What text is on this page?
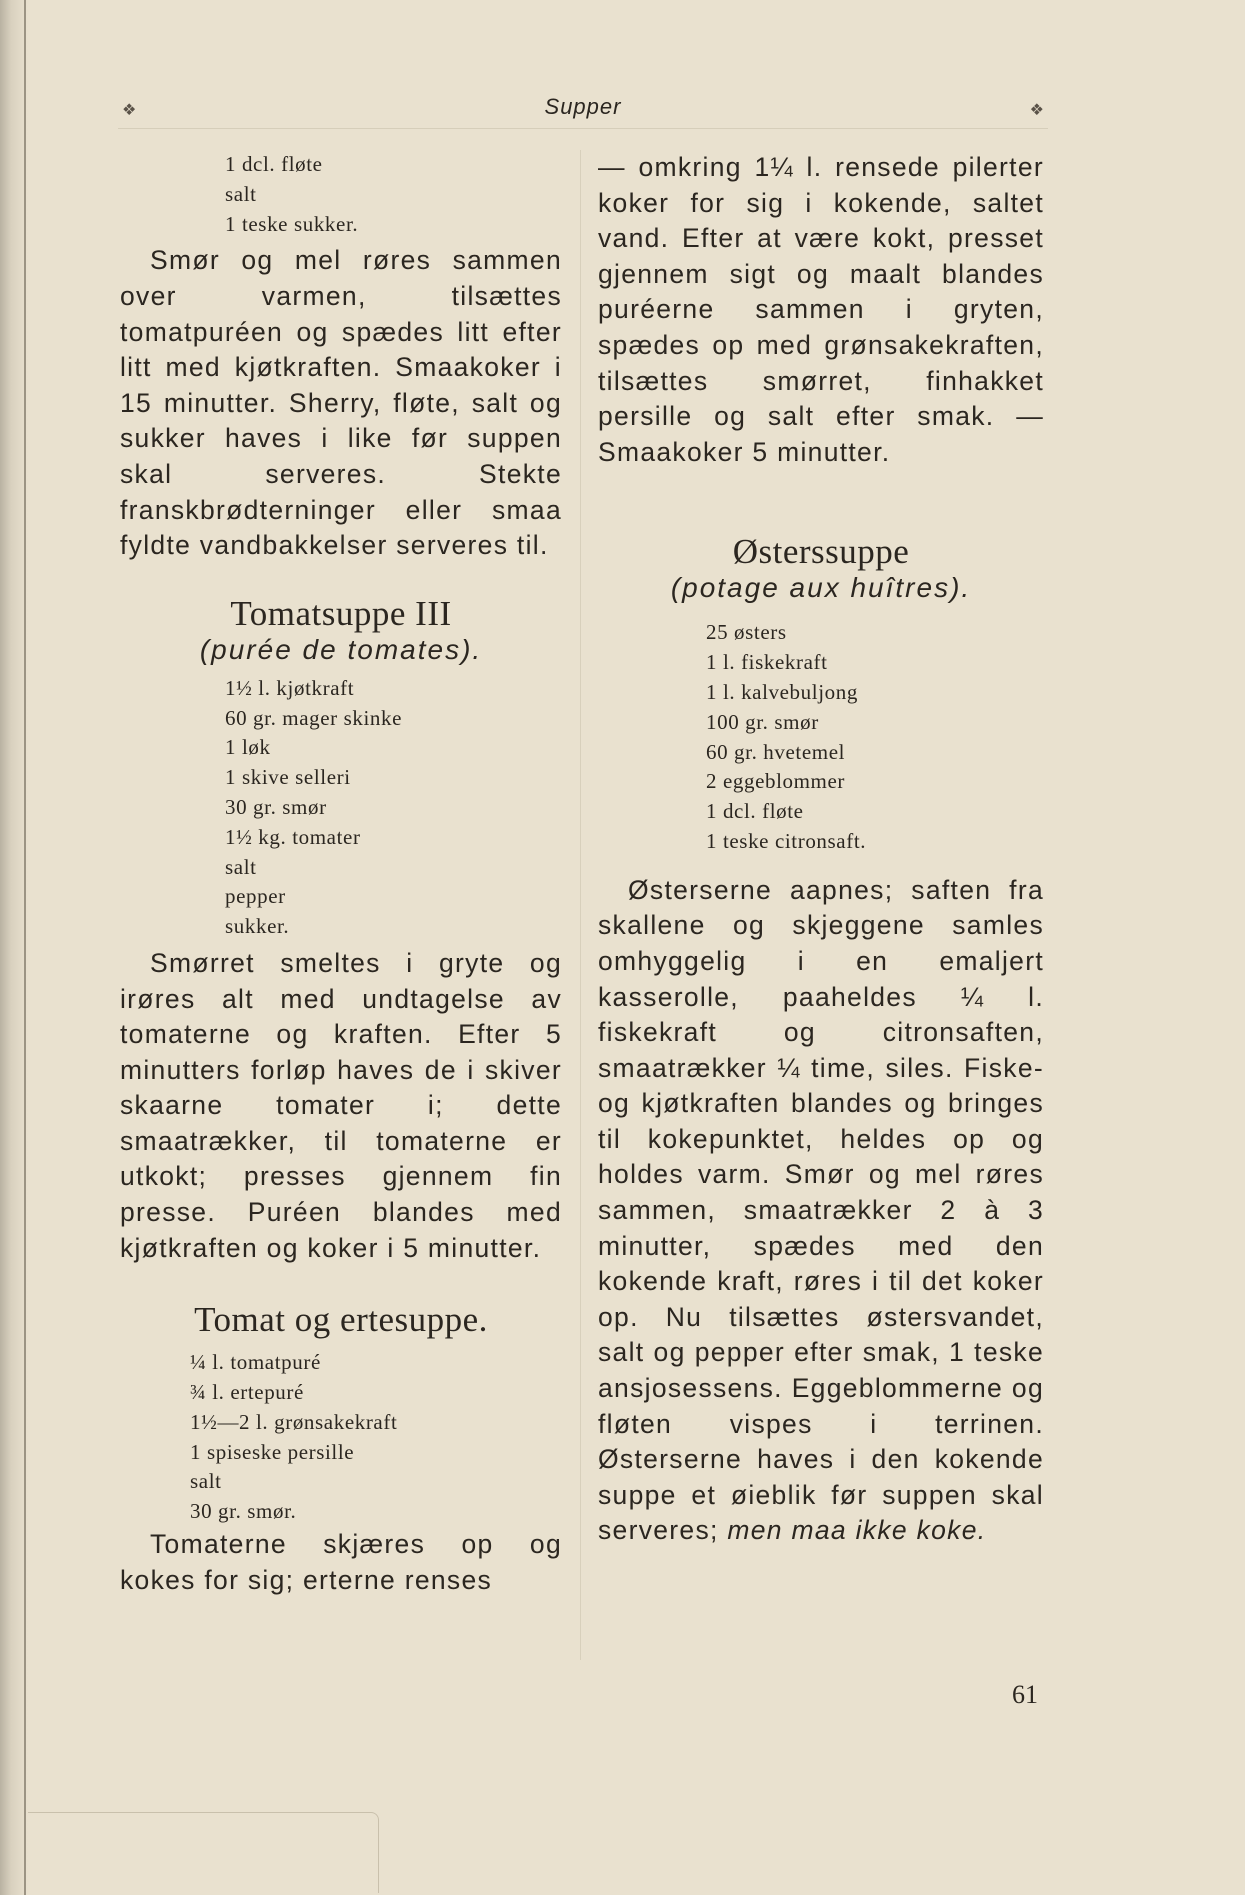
❖	Supper	❖
1 dcl. fløte
salt
1 teske sukker.

Smør og mel røres sammen over varmen, tilsættes tomatpuréen og spædes litt efter litt med kjøtkraften. Smaakoker i 15 minutter. Sherry, fløte, salt og sukker haves i like før suppen skal serveres. Stekte franskbrødterninger eller smaa fyldte vandbakkelser serveres til.

Tomatsuppe III

(purée de tomates).

1½ l. kjøtkraft
60 gr. mager skinke
1 løk
1 skive selleri
30 gr. smør
1½ kg. tomater
salt
pepper
sukker.

Smørret smeltes i gryte og irøres alt med undtagelse av tomaterne og kraften. Efter 5 minutters forløp haves de i skiver skaarne tomater i; dette smaatrækker, til tomaterne er utkokt; presses gjennem fin presse. Puréen blandes med kjøtkraften og koker i 5 minutter.

Tomat og ertesuppe.
¼ l. tomatpuré
¾ l. ertepuré
1½—2 l. grønsakekraft
1 spiseske persille
salt
30 gr. smør.

Tomaterne skjæres op og kokes for sig; erterne renses

— omkring 1¼ l. rensede pilerter koker for sig i kokende, saltet vand. Efter at være kokt, presset gjennem sigt og maalt blandes puréerne sammen i gryten, spædes op med grønsakekraften, tilsættes smørret, finhakket persille og salt efter smak. — Smaakoker 5 minutter.

Østerssuppe

(potage aux huîtres).

25 østers
1 l. fiskekraft
1 l. kalvebuljong
100 gr. smør
60 gr. hvetemel
2 eggeblommer
1 dcl. fløte
1 teske citronsaft.

Østerserne aapnes; saften fra skallene og skjeggene samles omhyggelig i en emaljert kasserolle, paaheldes ¼ l. fiskekraft og citronsaften, smaatrækker ¼ time, siles. Fiske- og kjøtkraften blandes og bringes til kokepunktet, heldes op og holdes varm. Smør og mel røres sammen, smaatrækker 2 à 3 minutter, spædes med den kokende kraft, røres i til det koker op. Nu tilsættes østersvandet, salt og pepper efter smak, 1 teske ansjosessens. Eggeblommerne og fløten vispes i terrinen. Østerserne haves i den kokende suppe et øieblik før suppen skal serveres; men maa ikke koke.

61
